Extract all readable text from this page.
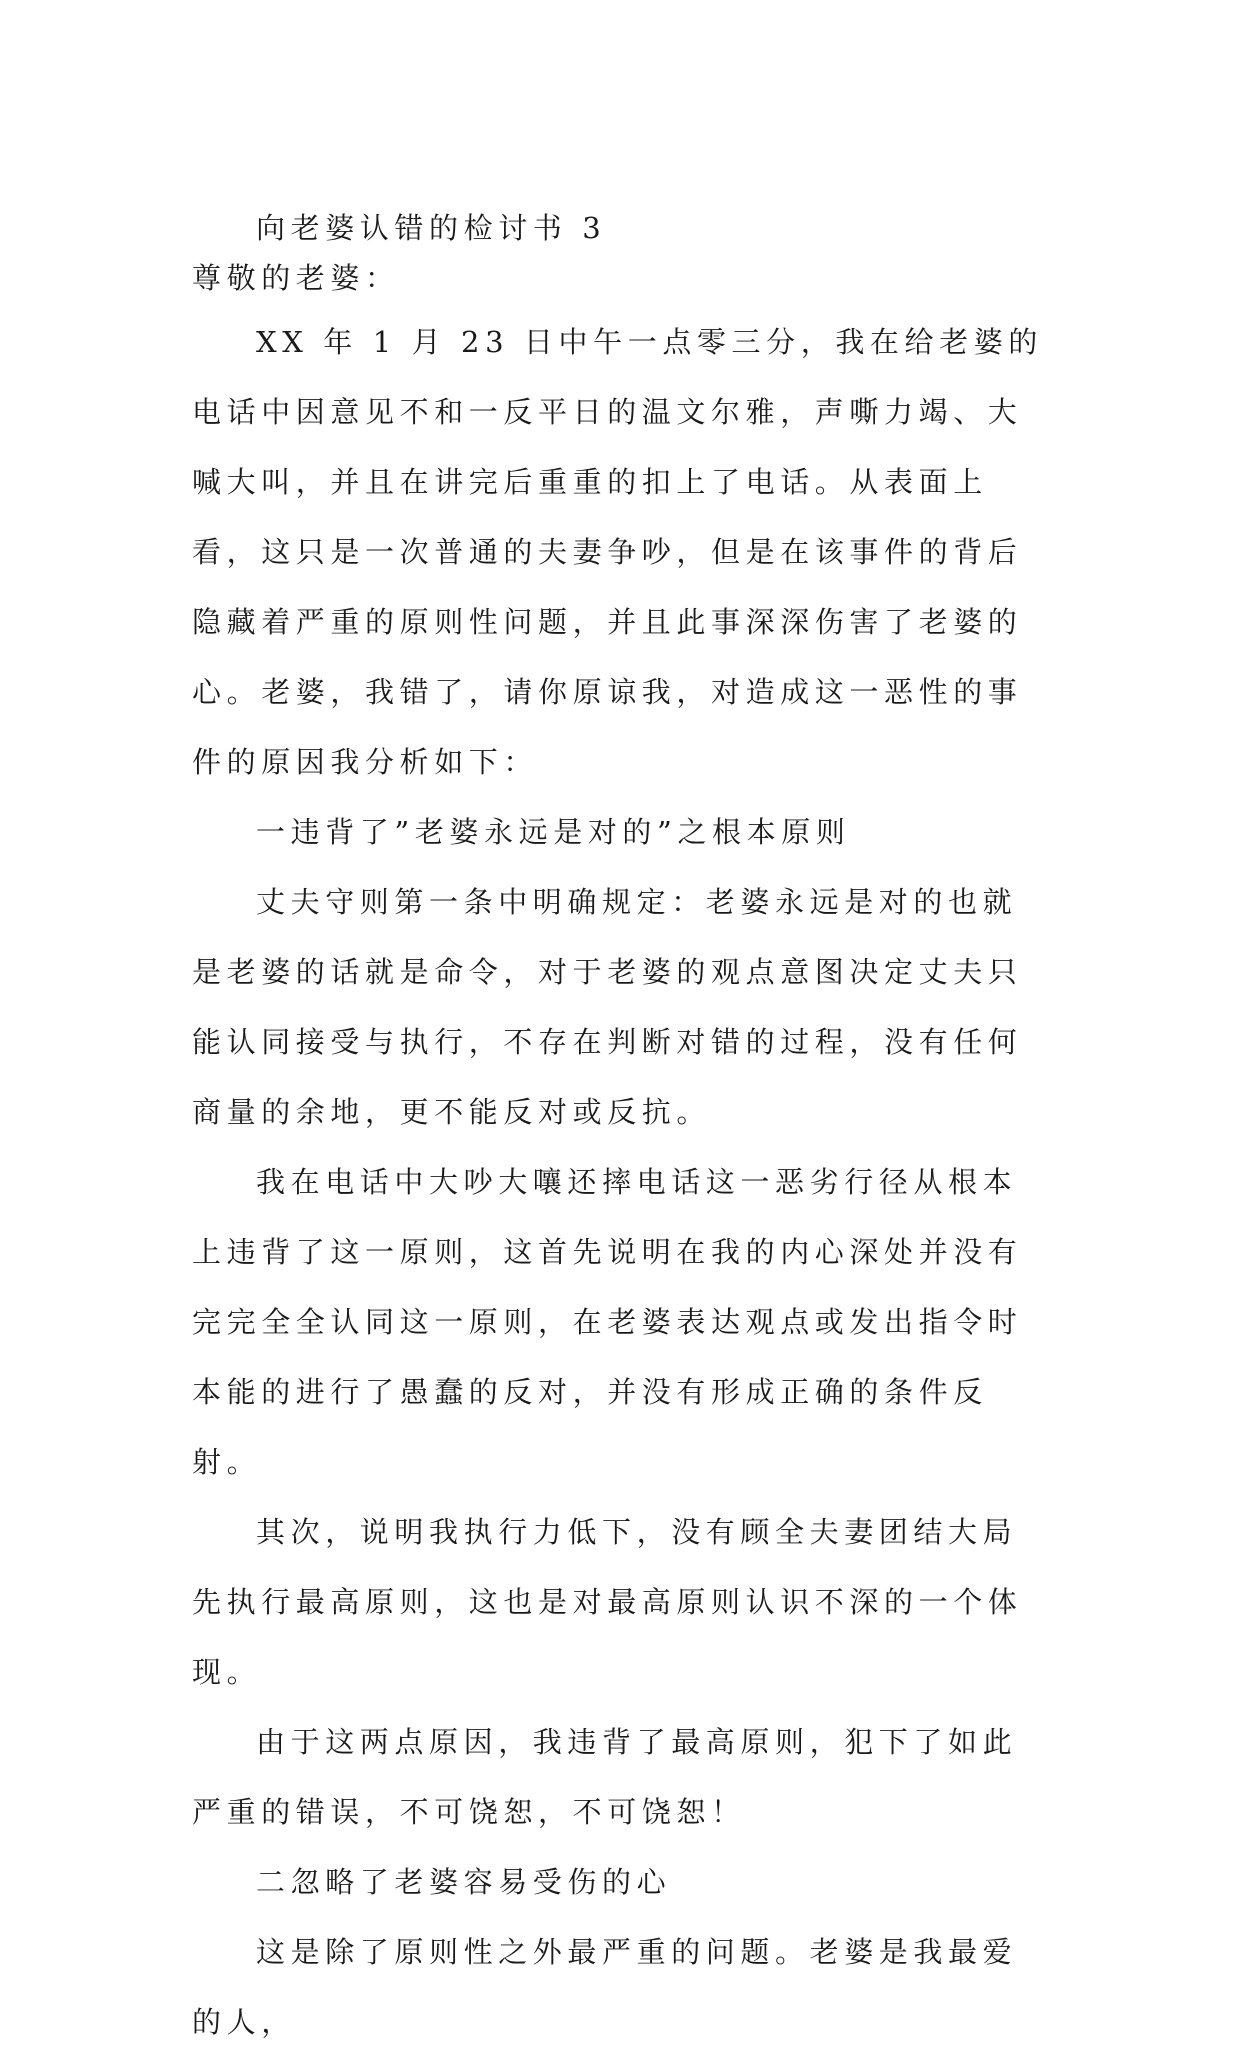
向老婆认错的检讨书 3

尊敬的老婆：

XX 年 1 月 23 日中午一点零三分，我在给老婆的电话中因意见不和一反平日的温文尔雅，声嘶力竭、大喊大叫，并且在讲完后重重的扣上了电话。从表面上看，这只是一次普通的夫妻争吵，但是在该事件的背后隐藏着严重的原则性问题，并且此事深深伤害了老婆的心。老婆，我错了，请你原谅我，对造成这一恶性的事件的原因我分析如下：

一违背了”老婆永远是对的”之根本原则

丈夫守则第一条中明确规定：老婆永远是对的也就是老婆的话就是命令，对于老婆的观点意图决定丈夫只能认同接受与执行，不存在判断对错的过程，没有任何商量的余地，更不能反对或反抗。

我在电话中大吵大嚷还摔电话这一恶劣行径从根本上违背了这一原则，这首先说明在我的内心深处并没有完完全全认同这一原则，在老婆表达观点或发出指令时本能的进行了愚蠢的反对，并没有形成正确的条件反射。

其次，说明我执行力低下，没有顾全夫妻团结大局先执行最高原则，这也是对最高原则认识不深的一个体现。

由于这两点原因，我违背了最高原则，犯下了如此严重的错误，不可饶恕，不可饶恕！

二忽略了老婆容易受伤的心

这是除了原则性之外最严重的问题。老婆是我最爱的人，
